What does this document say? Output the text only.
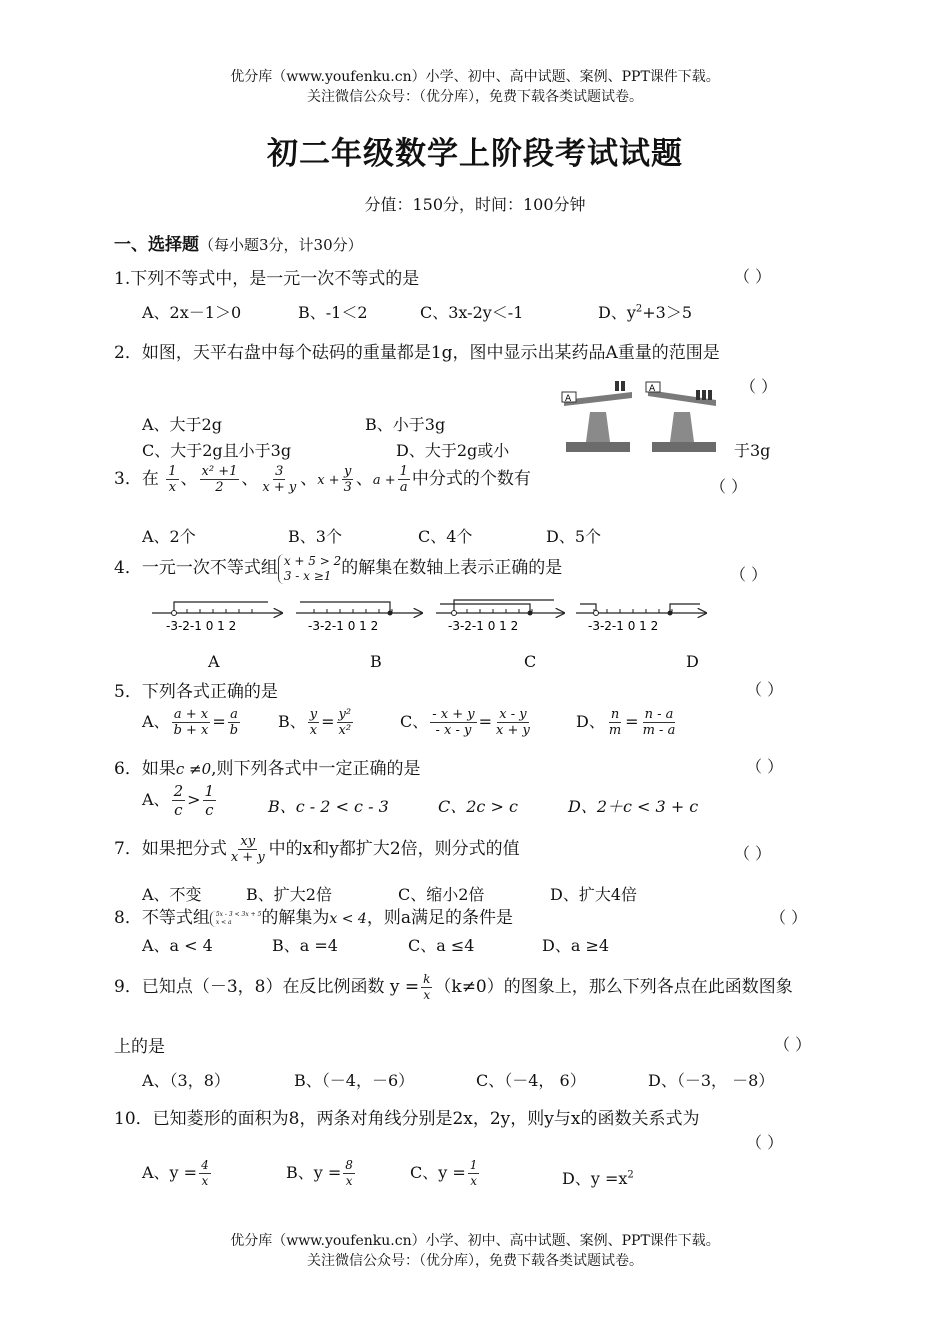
优分库（www.youfenku.cn）小学、初中、高中试题、案例、PPT课件下载。
关注微信公众号：（优分库），免费下载各类试题试卷。
初二年级数学上阶段考试试题
分值：150分，时间：100分钟
一、选择题（每小题3分，计30分）
1.下列不等式中，是一元一次不等式的是	（ ）
A、2x－1＞0	B、-1＜2	C、3x-2y＜-1	D、$y^2+3>5$
2．如图，天平右盘中每个砝码的重量都是1g，图中显示出某药品A重量的范围是
（ ）
A、大于2g	B、小于3g
C、大于2g且小于3g	D、大于2g或小	于3g
A
A
3．在 $\frac{1}{x}$ 、 $\frac{\text{x² +1}}{2}$ 、 $\frac{3}{x + y}$ 、$x + \frac{y}{3}$ 、$a + \frac{1}{a}$ 中分式的个数有	（ ）
A、2个	B、3个	C、4个	D、5个
4．一元一次不等式组 x + 5 > 2
3 - x ≥1 的解集在数轴上表示正确的是	（ ）
-3-2-1 0 1 2	-3-2-1 0 1 2	-3-2-1 0 1 2	-3-2-1 0 1 2
A	B	C	D
5．下列各式正确的是	（ ）
A、 $\frac{a + x}{b + x} = \frac{a}{b}$ B、 $\frac{y}{x} = \frac{\text{y²}}{\text{x²}}$	C、 $\frac{- x + y}{- x - y} = \frac{x - y}{x + y}$	D、 $\frac{n}{m} = \frac{n - a}{m - a}$
6．如果c ≠0,则下列各式中一定正确的是	（ ）
A、 $\frac{2}{c} > \frac{1}{c}$	B、c - 2 < c - 3	C、2c > c	D、2＋c < 3 + c
7．如果把分式 $\frac{xy}{x + y}$ 中的x和y都扩大2倍，则分式的值	（ ）
A、不变	B、扩大2倍	C、缩小2倍	D、扩大4倍
8．不等式组 5x - 3 < 3x + 5
x < a 的解集为x < 4，则a满足的条件是	（ ）
A、a < 4	B、a =4	C、a ≤4	D、a ≥4
9．已知点（－3，8）在反比例函数 $y = \frac{k}{x} (k\ne 0)$的图象上，那么下列各点在此函数图象
上的是	（ ）
A、（3，8）	B、（－4，－6）	C、（－4， 6）	D、（－3， －8）
10．已知菱形的面积为8，两条对角线分别是2x，2y，则y与x的函数关系式为
（ ）
A、$y = \frac{4}{x}$	B、$y = \frac{8}{x}$	C、$y = \frac{1}{x}$	D、$y =x^2$
优分库（www.youfenku.cn）小学、初中、高中试题、案例、PPT课件下载。
关注微信公众号：（优分库），免费下载各类试题试卷。
